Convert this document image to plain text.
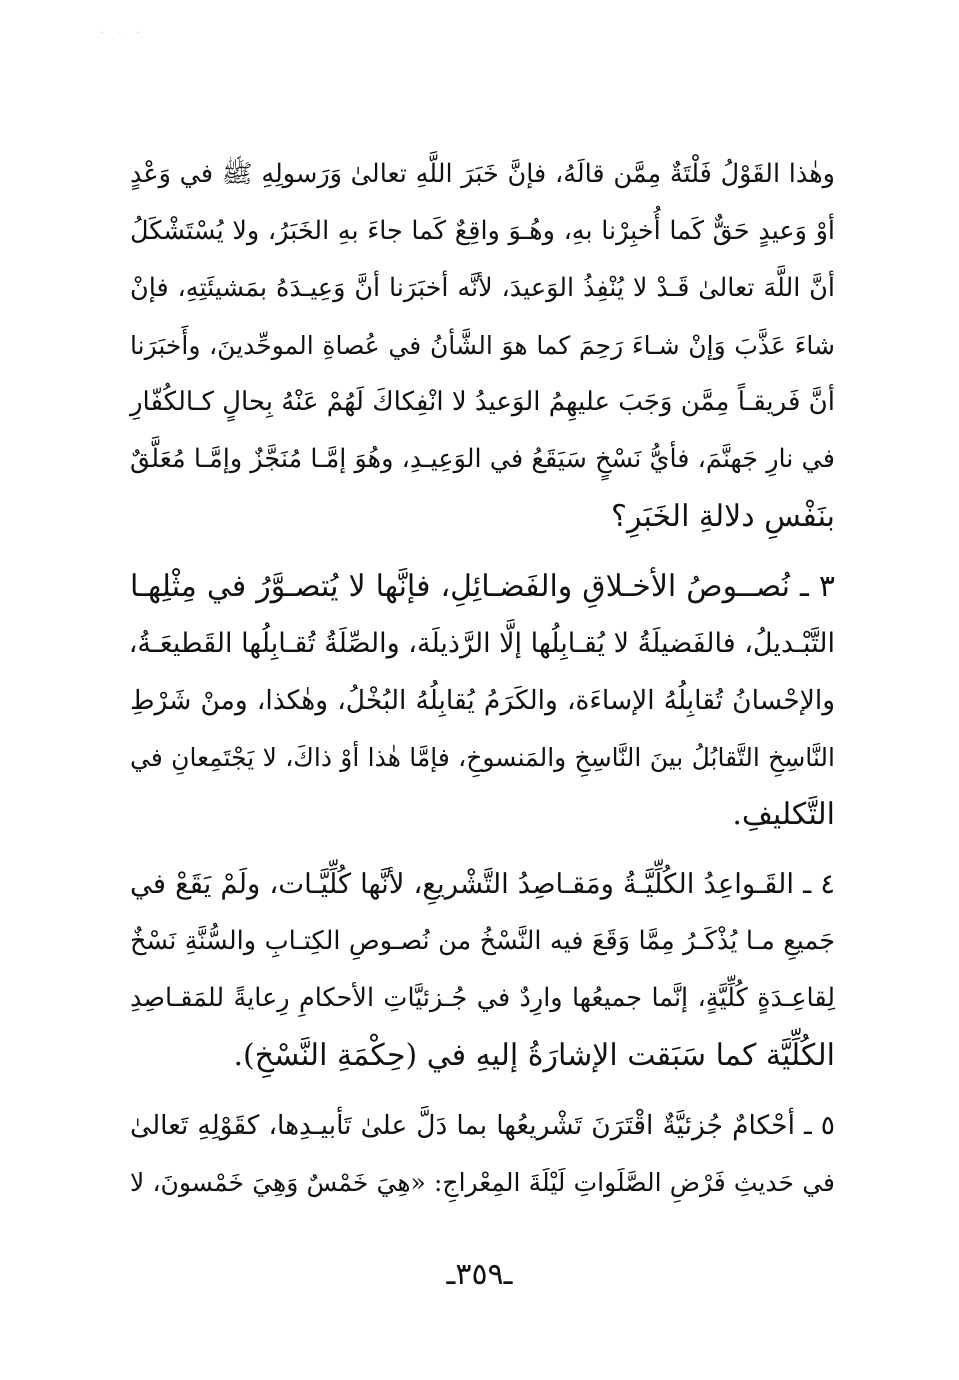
· · ·
وهٰذا القَوْلُ فَلْتَةٌ مِمَّن قالَهُ، فإنَّ خَبَرَ اللَّهِ تعالىٰ وَرَسولِهِ ﷺ في وَعْدٍ
أوْ وَعيدٍ حَقٌّ كَما أُخبِرْنا بهِ، وهُـوَ واقِعٌ كَما جاءَ بهِ الخَبَرُ، ولا يُسْتَشْكَلُ
أنَّ اللَّهَ تعالىٰ قَـدْ لا يُنْفِذُ الوَعيدَ، لأنَّه أخبَرَنا أنَّ وَعِيـدَهُ بمَشيئَتِهِ، فإنْ
شاءَ عَذَّبَ وَإنْ شـاءَ رَحِمَ كما هوَ الشَّأنُ في عُصاةِ الموحِّدينَ، وأَخبَرَنا
أنَّ فَريقـاً مِمَّن وَجَبَ عليهِمُ الوَعيدُ لا انْفِكاكَ لَهُمْ عَنْهُ بِحالٍ كـالكُفّارِ
في نارِ جَهنَّمَ، فأيُّ نَسْخٍ سَيَقَعُ في الوَعِيـدِ، وهُوَ إمَّـا مُنَجَّزٌ وإمَّـا مُعَلَّقٌ
بنَفْسِ دلالةِ الخَبَرِ؟
٣ ـ نُصــوصُ الأخـلاقِ والفَضـائِلِ، فإنَّها لا يُتصـوَّرُ في مِثْلِهـا
التَّبْـديلُ، فالفَضيلَةُ لا يُقـابِلُها إلَّا الرَّذيلَة، والصِّلَةُ تُقـابِلُها القَطيعَـةُ،
والإحْسانُ تُقابِلُهُ الإساءَة، والكَرَمُ يُقابِلُهُ البُخْلُ، وهٰكذا، ومنْ شَرْطِ
النَّاسِخِ التَّقابُلُ بينَ النَّاسِخِ والمَنسوخِ، فإمَّا هٰذا أوْ ذاكَ، لا يَجْتَمِعانِ في
التَّكليفِ.
٤ ـ القَـواعِدُ الكُلِّيَّـةُ ومَقـاصِدُ التَّشْريعِ، لأنَّها كُلِّيَّـات، ولَمْ يَقَعْ في
جَميعِ مـا يُذْكَـرُ مِمَّا وَقَعَ فيه النَّسْخُ من نُصـوصِ الكِتـابِ والسُّنَّةِ نَسْخٌ
لِقاعِـدَةٍ كُلِّيَّةٍ، إنَّما جميعُها وارِدٌ في جُـزئيَّاتِ الأحكامِ رِعايةً للمَقـاصِدِ
الكُلِّيَّة كما سَبَقت الإشارَةُ إليهِ في (حِكْمَةِ النَّسْخِ).
٥ ـ أحْكامٌ جُزئيَّةٌ اقْتَرَنَ تَشْريعُها بما دَلَّ علىٰ تَأبيـدِها، كقَوْلِهِ تَعالىٰ
في حَديثِ فَرْضِ الصَّلَواتِ لَيْلَةَ المِعْراجِ: «هِيَ خَمْسٌ وَهِيَ خَمْسونَ، لا
ـ٣٥٩ـ
